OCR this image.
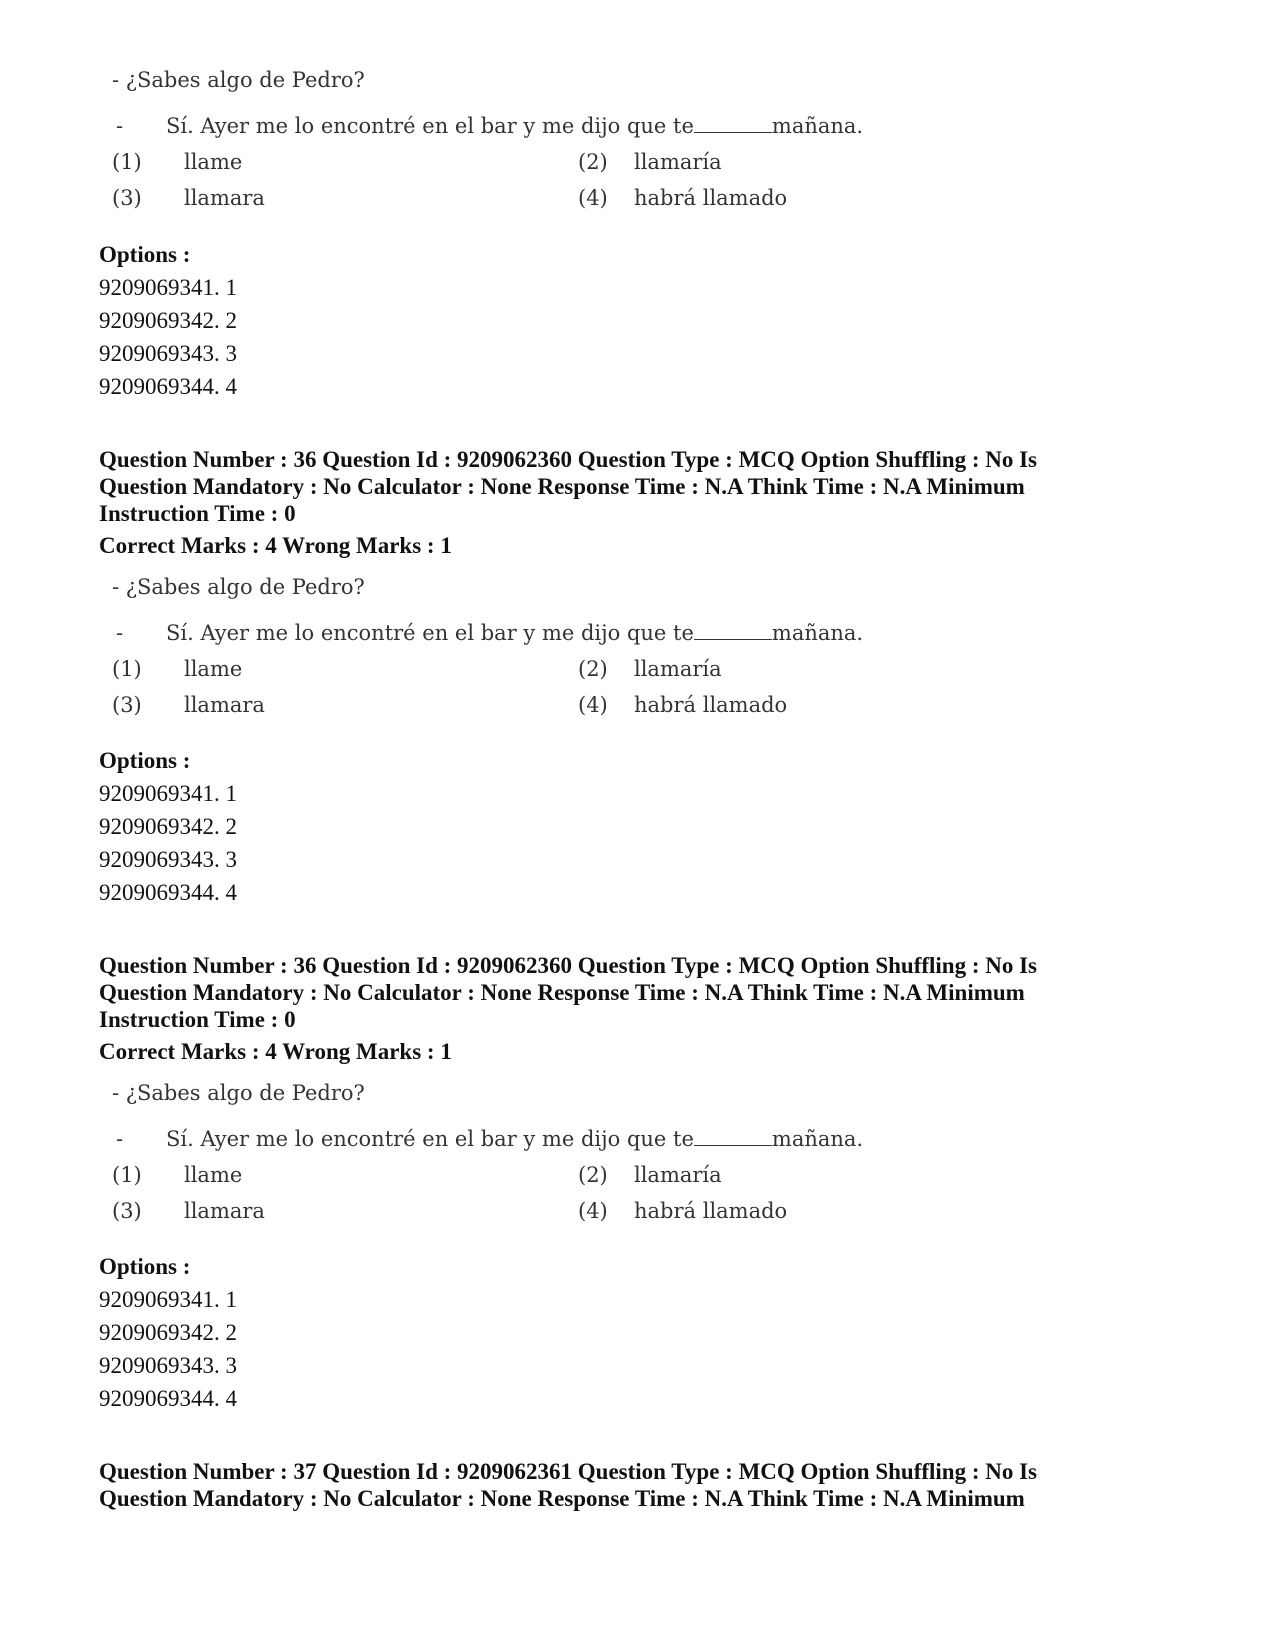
- ¿Sabes algo de Pedro?
- Sí. Ayer me lo encontré en el bar y me dijo que te	mañana.
(1) llame	(2) llamaría
(3) llamara	(4) habrá llamado
Options :
9209069341. 1
9209069342. 2
9209069343. 3
9209069344. 4
Question Number : 36 Question Id : 9209062360 Question Type : MCQ Option Shuffling : No Is
Question Mandatory : No Calculator : None Response Time : N.A Think Time : N.A Minimum
Instruction Time : 0
Correct Marks : 4 Wrong Marks : 1
- ¿Sabes algo de Pedro?
- Sí. Ayer me lo encontré en el bar y me dijo que te	mañana.
(1) llame	(2) llamaría
(3) llamara	(4) habrá llamado
Options :
9209069341. 1
9209069342. 2
9209069343. 3
9209069344. 4
Question Number : 36 Question Id : 9209062360 Question Type : MCQ Option Shuffling : No Is
Question Mandatory : No Calculator : None Response Time : N.A Think Time : N.A Minimum
Instruction Time : 0
Correct Marks : 4 Wrong Marks : 1
- ¿Sabes algo de Pedro?
- Sí. Ayer me lo encontré en el bar y me dijo que te	mañana.
(1) llame	(2) llamaría
(3) llamara	(4) habrá llamado
Options :
9209069341. 1
9209069342. 2
9209069343. 3
9209069344. 4
Question Number : 37 Question Id : 9209062361 Question Type : MCQ Option Shuffling : No Is
Question Mandatory : No Calculator : None Response Time : N.A Think Time : N.A Minimum
